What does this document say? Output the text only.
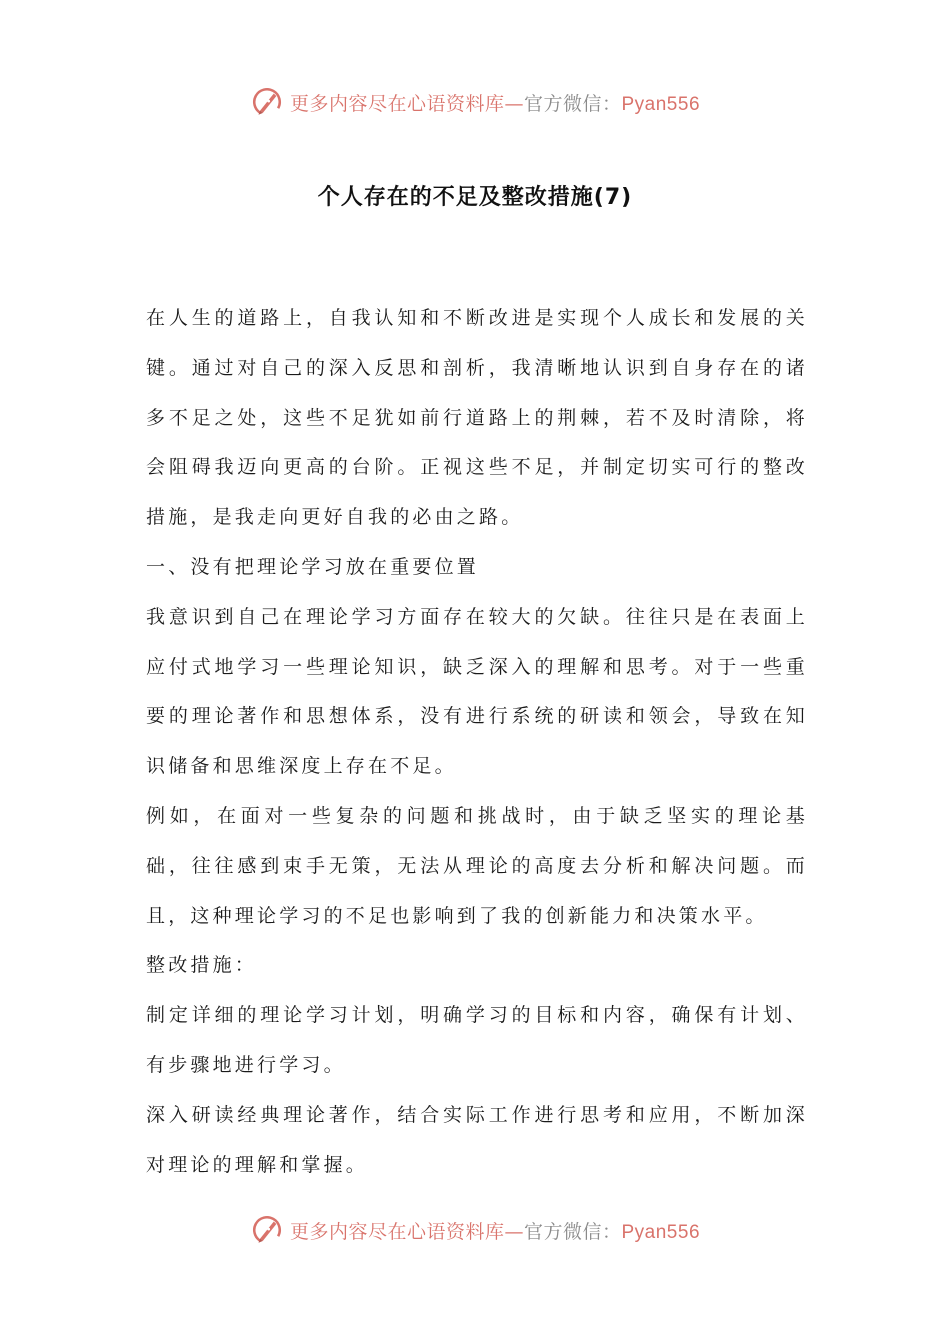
更多内容尽在心语资料库—官方微信：Pyan556
个人存在的不足及整改措施(7)

在人生的道路上，自我认知和不断改进是实现个人成长和发展的关键。通过对自己的深入反思和剖析，我清晰地认识到自身存在的诸多不足之处，这些不足犹如前行道路上的荆棘，若不及时清除，将会阻碍我迈向更高的台阶。正视这些不足，并制定切实可行的整改措施，是我走向更好自我的必由之路。

一、没有把理论学习放在重要位置

我意识到自己在理论学习方面存在较大的欠缺。往往只是在表面上应付式地学习一些理论知识，缺乏深入的理解和思考。对于一些重要的理论著作和思想体系，没有进行系统的研读和领会，导致在知识储备和思维深度上存在不足。

例如，在面对一些复杂的问题和挑战时，由于缺乏坚实的理论基础，往往感到束手无策，无法从理论的高度去分析和解决问题。而且，这种理论学习的不足也影响到了我的创新能力和决策水平。

整改措施：

制定详细的理论学习计划，明确学习的目标和内容，确保有计划、有步骤地进行学习。

深入研读经典理论著作，结合实际工作进行思考和应用，不断加深对理论的理解和掌握。

更多内容尽在心语资料库—官方微信：Pyan556
